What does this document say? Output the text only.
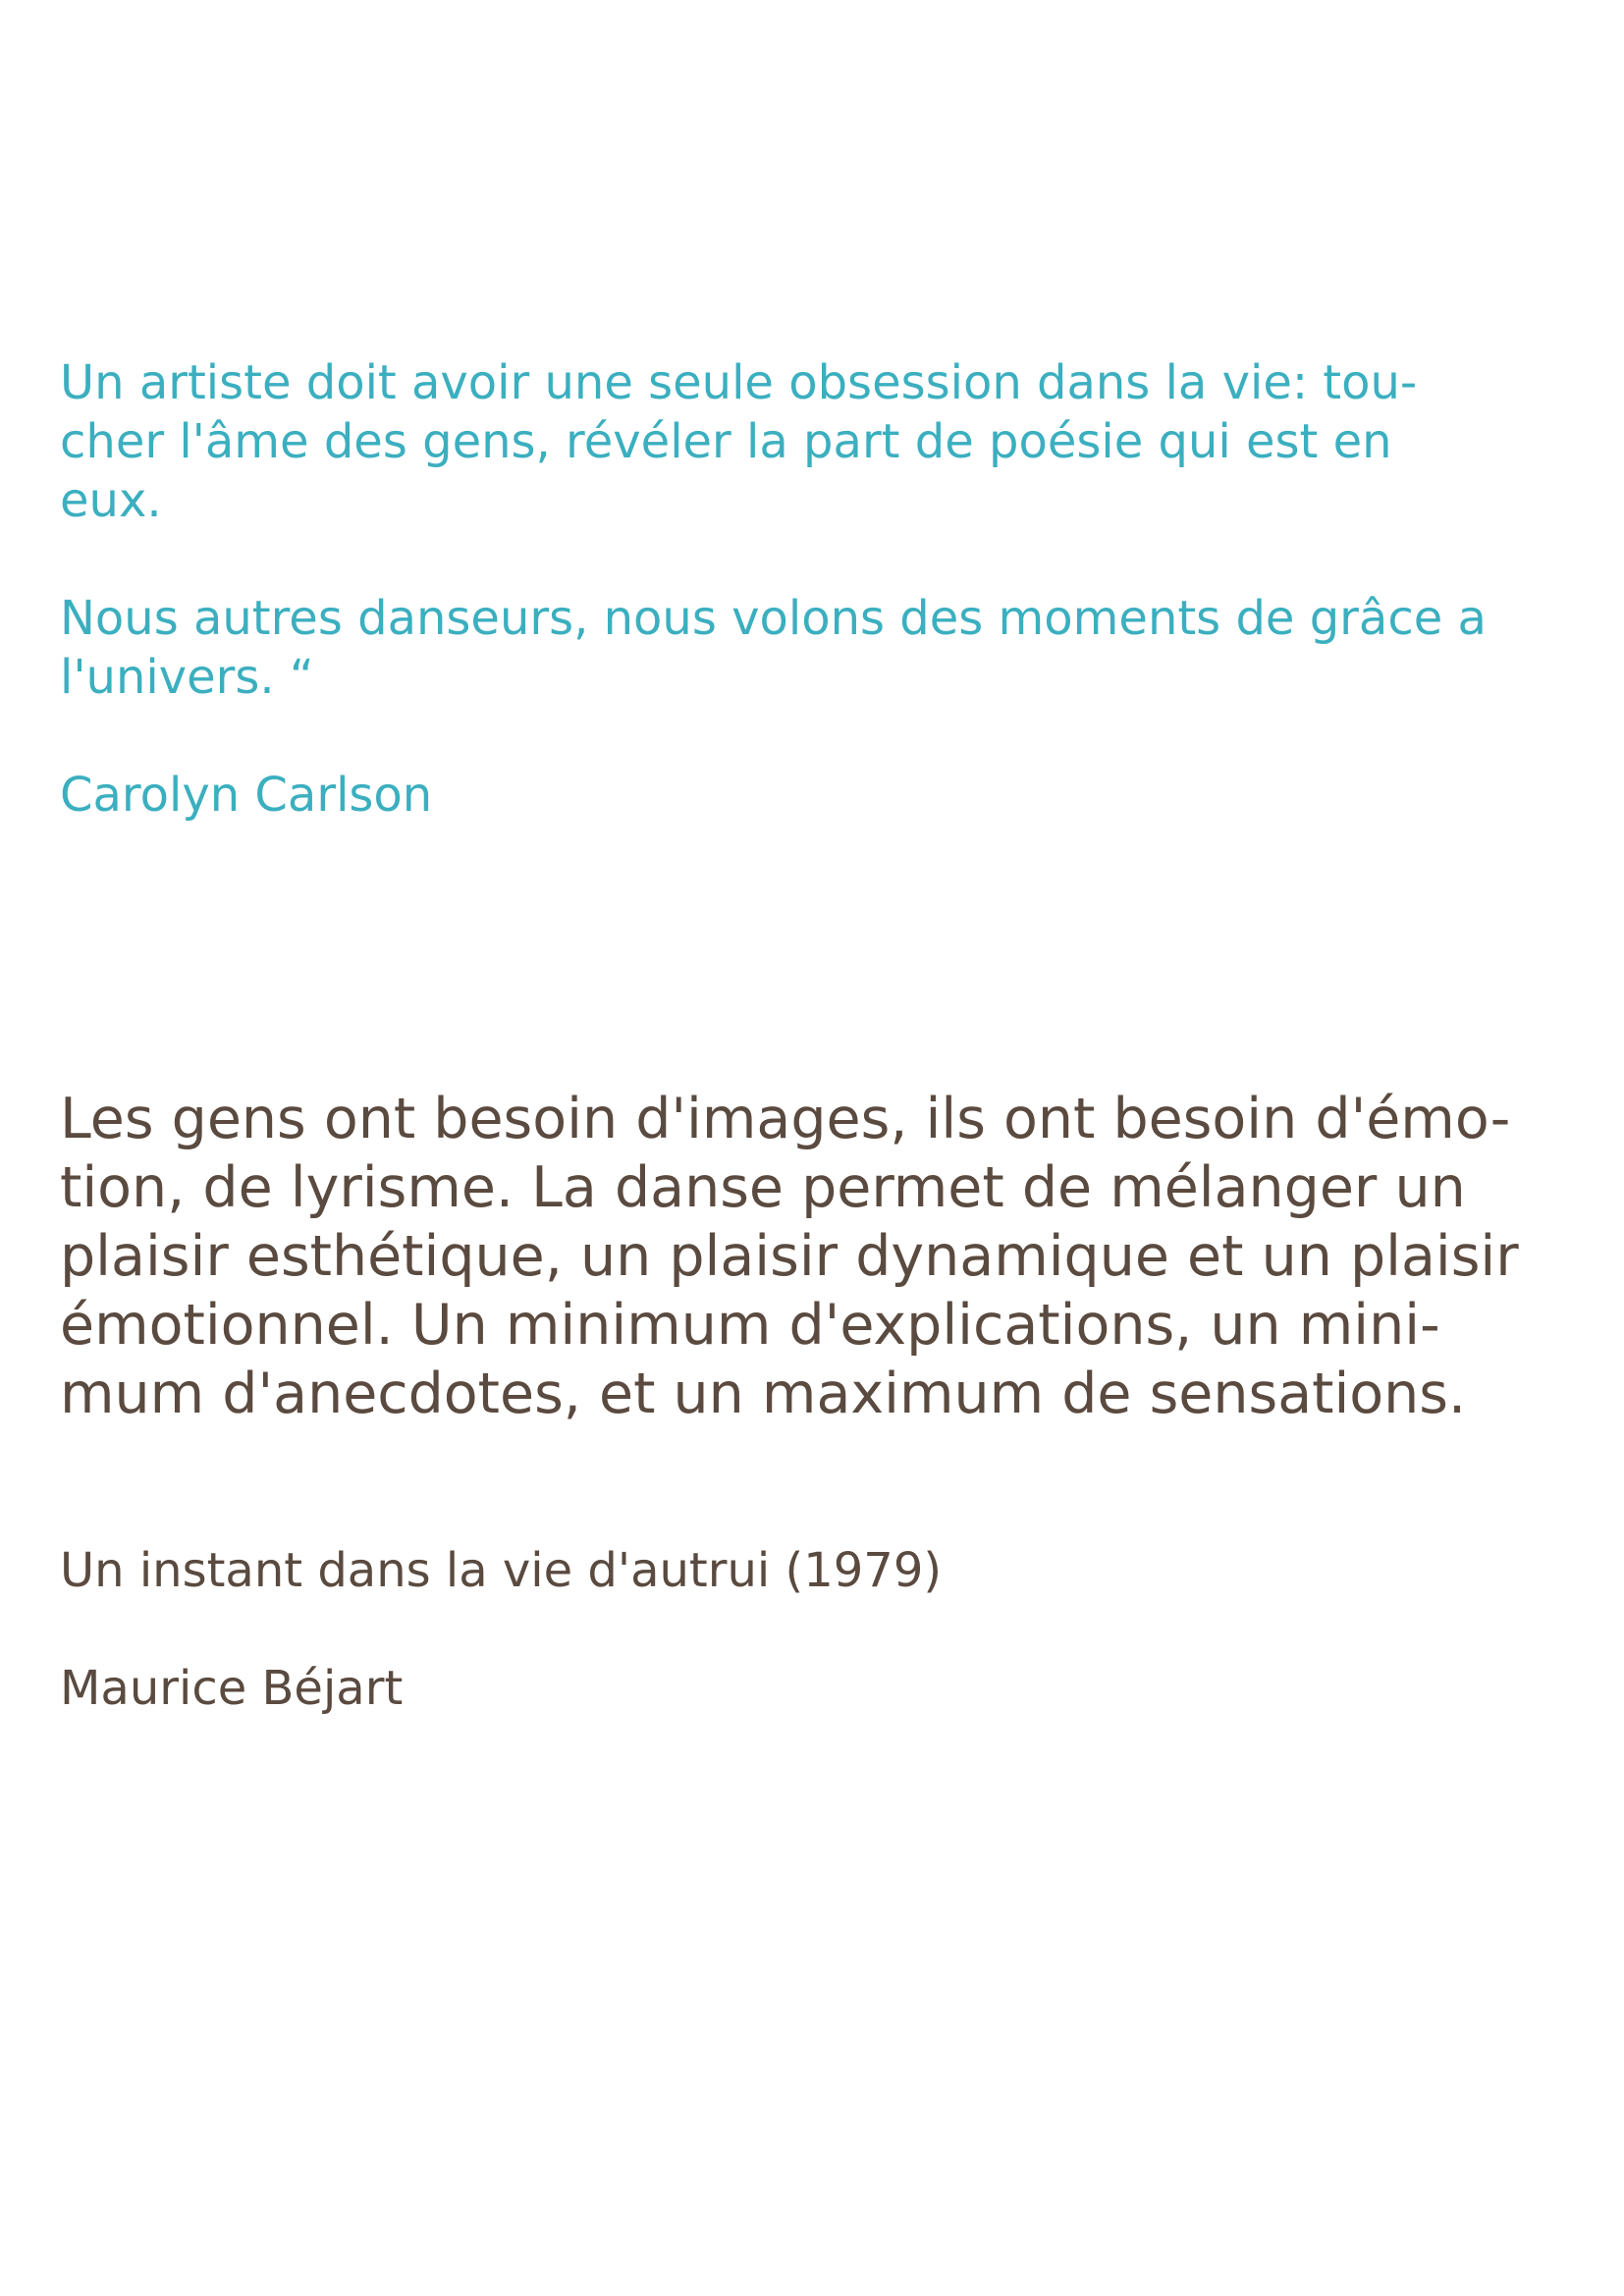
Un artiste doit avoir une seule obsession dans la vie: tou-
cher l'âme des gens, révéler la part de poésie qui est en
eux.
Nous autres danseurs, nous volons des moments de grâce a
l'univers. “
Carolyn Carlson
Les gens ont besoin d'images, ils ont besoin d'émo-
tion, de lyrisme. La danse permet de mélanger un
plaisir esthétique, un plaisir dynamique et un plaisir
émotionnel. Un minimum d'explications, un mini-
mum d'anecdotes, et un maximum de sensations.
Un instant dans la vie d'autrui (1979)
Maurice Béjart
